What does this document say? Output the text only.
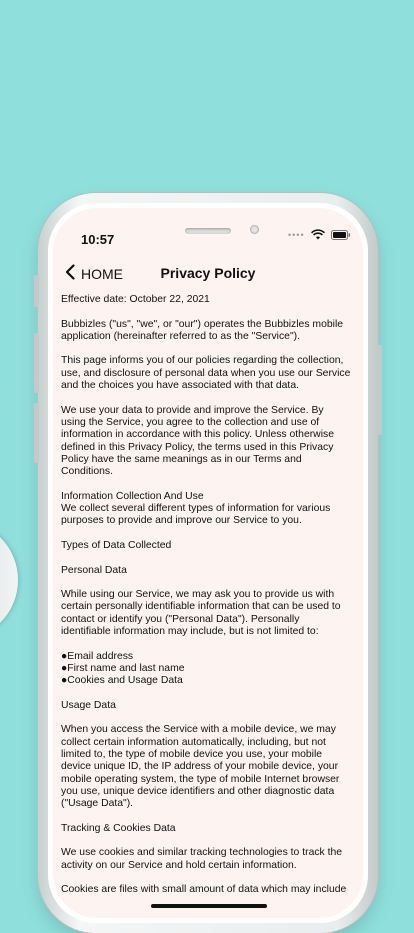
10:57	••••
HOME	Privacy Policy

Effective date: October 22, 2021

Bubbizles ("us", "we", or "our") operates the Bubbizles mobile application (hereinafter referred to as the "Service").

This page informs you of our policies regarding the collection, use, and disclosure of personal data when you use our Service and the choices you have associated with that data.

We use your data to provide and improve the Service. By using the Service, you agree to the collection and use of information in accordance with this policy. Unless otherwise defined in this Privacy Policy, the terms used in this Privacy Policy have the same meanings as in our Terms and Conditions.

Information Collection And Use
We collect several different types of information for various purposes to provide and improve our Service to you.

Types of Data Collected

Personal Data

While using our Service, we may ask you to provide us with certain personally identifiable information that can be used to contact or identify you ("Personal Data"). Personally identifiable information may include, but is not limited to:

●Email address
●First name and last name
●Cookies and Usage Data

Usage Data

When you access the Service with a mobile device, we may collect certain information automatically, including, but not limited to, the type of mobile device you use, your mobile device unique ID, the IP address of your mobile device, your mobile operating system, the type of mobile Internet browser you use, unique device identifiers and other diagnostic data ("Usage Data").

Tracking & Cookies Data

We use cookies and similar tracking technologies to track the activity on our Service and hold certain information.

Cookies are files with small amount of data which may include
